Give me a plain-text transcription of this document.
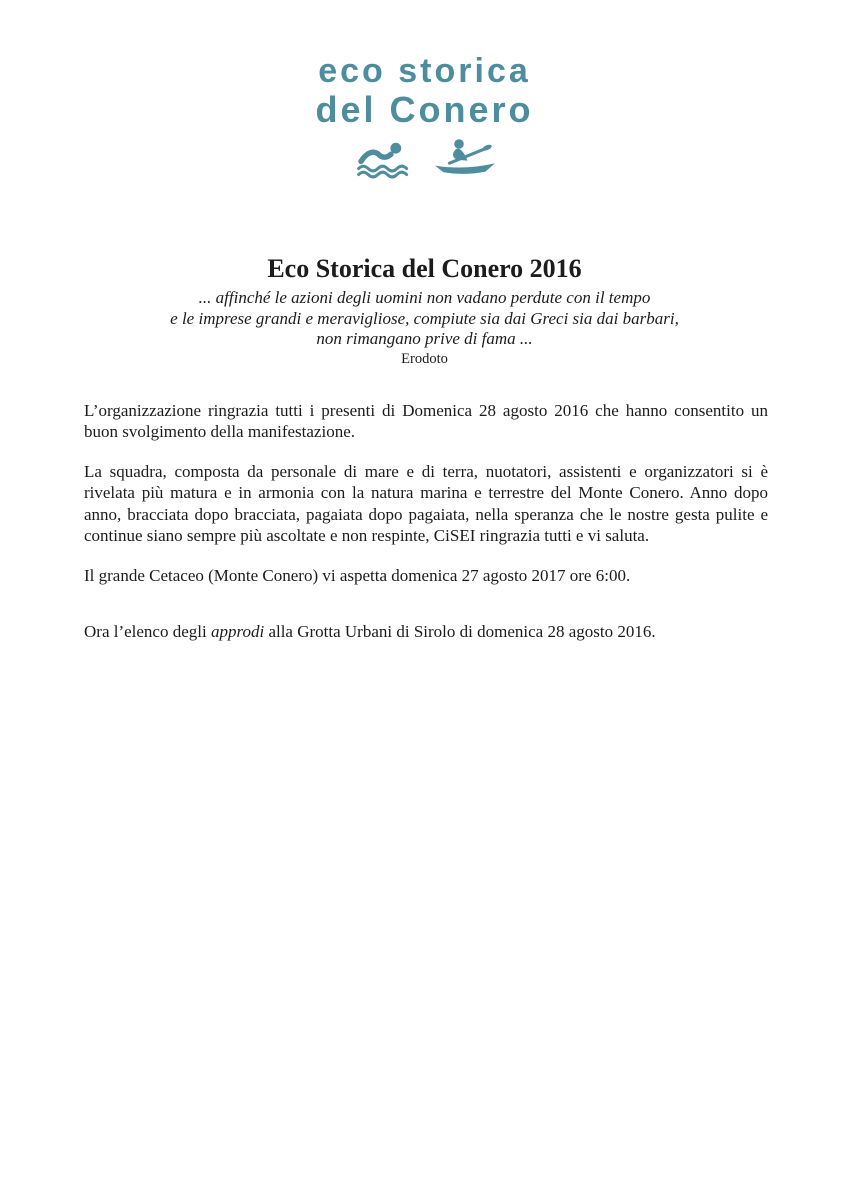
eco storica
del Conero
Eco Storica del Conero 2016
... affinché le azioni degli uomini non vadano perdute con il tempo
e le imprese grandi e meravigliose, compiute sia dai Greci sia dai barbari,
non rimangano prive di fama ...
Erodoto

L’organizzazione ringrazia tutti i presenti di Domenica 28 agosto 2016 che hanno consentito un buon svolgimento della manifestazione.

La squadra, composta da personale di mare e di terra, nuotatori, assistenti e organizzatori si è rivelata più matura e in armonia con la natura marina e terrestre del Monte Conero. Anno dopo anno, bracciata dopo bracciata, pagaiata dopo pagaiata, nella speranza che le nostre gesta pulite e continue siano sempre più ascoltate e non respinte, CiSEI ringrazia tutti e vi saluta.

Il grande Cetaceo (Monte Conero) vi aspetta domenica 27 agosto 2017 ore 6:00.

Ora l’elenco degli approdi alla Grotta Urbani di Sirolo di domenica 28 agosto 2016.
